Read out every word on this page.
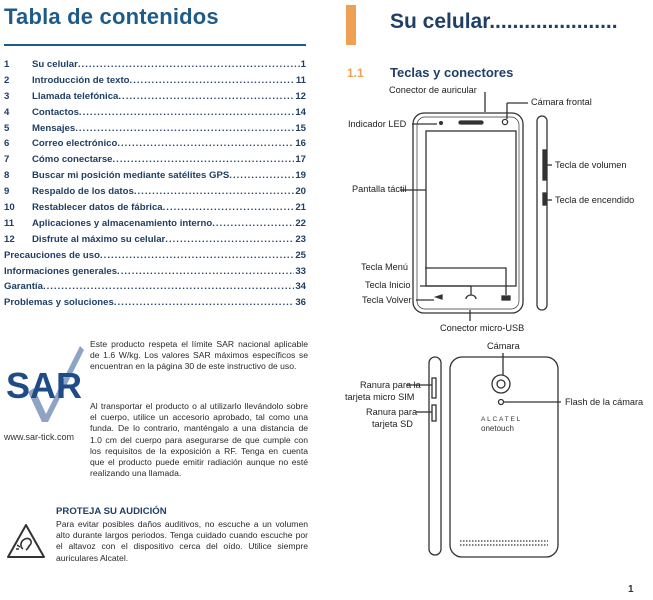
Tabla de contenidos
1	Su celular .....	1
2	Introducción de texto .....	11
3	Llamada telefónica .....	12
4	Contactos .....	14
5	Mensajes .....	15
6	Correo electrónico .....	16
7	Cómo conectarse .....	17
8	Buscar mi posición mediante satélites GPS .....	19
9	Respaldo de los datos .....	20
10	Restablecer datos de fábrica .....	21
11	Aplicaciones y almacenamiento interno .....	22
12	Disfrute al máximo su celular .....	23
Precauciones de uso .....	25
Informaciones generales .....	33
Garantía .....	34
Problemas y soluciones .....	36
SAR
www.sar-tick.com
Este producto respeta el límite SAR nacional aplicable de 1.6 W/kg. Los valores SAR máximos específicos se encuentran en la página 30 de este instructivo de uso.
Al transportar el producto o al utilizarlo llevándolo sobre el cuerpo, utilice un accesorio aprobado, tal como una funda. De lo contrario, manténgalo a una distancia de 1.0 cm del cuerpo para asegurarse de que cumple con los requisitos de la exposición a RF. Tenga en cuenta que el producto puede emitir radiación aunque no esté realizando una llamada.
PROTEJA SU AUDICIÓN
Para evitar posibles daños auditivos, no escuche a un volumen alto durante largos periodos. Tenga cuidado cuando escuche por el altavoz con el dispositivo cerca del oído. Utilice siempre auriculares Alcatel.
Su celular......................
1.1 Teclas y conectores
Conector de auricular
Cámara frontal
Indicador LED
Tecla de volumen
Tecla de encendido
Pantalla táctil
Tecla Menú
Tecla Inicio
Tecla Volver
Conector micro-USB
ALCATEL
onetouch
Cámara
Ranura para la
tarjeta micro SIM
Ranura para
tarjeta SD
Flash de la cámara
1
